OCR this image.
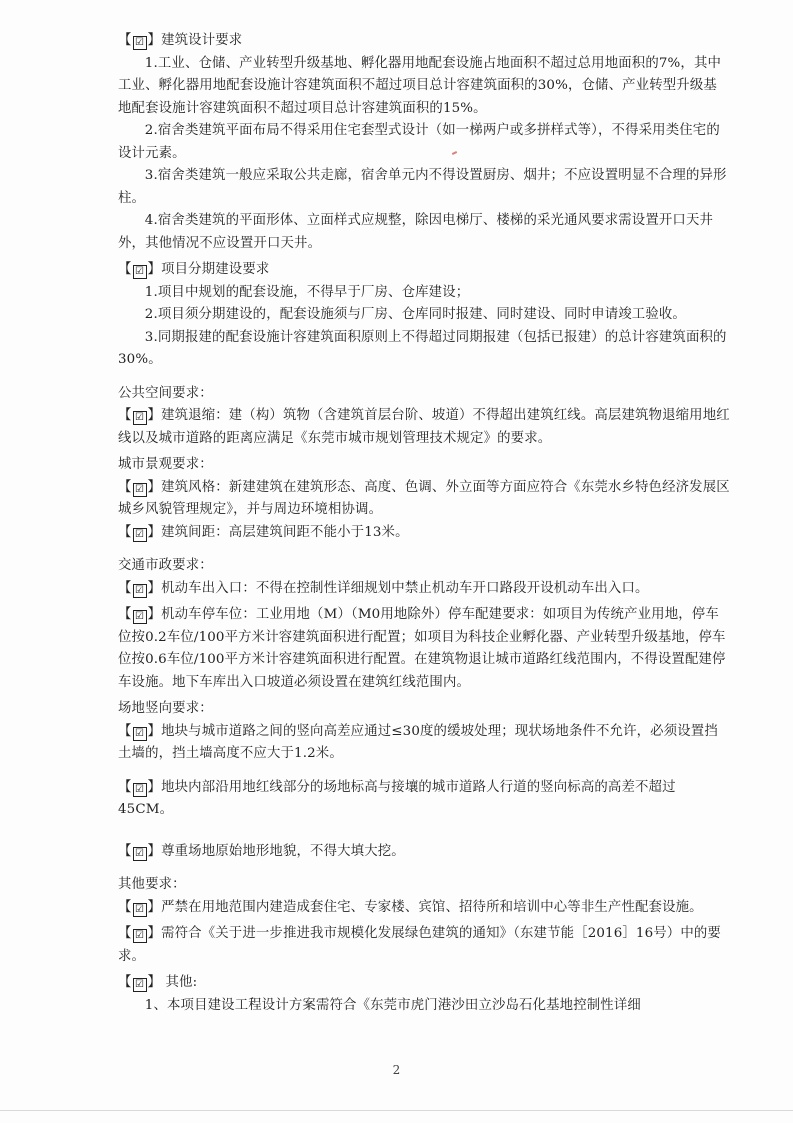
【 ☑ 】建筑设计要求

1.工业、仓储、产业转型升级基地、孵化器用地配套设施占地面积不超过总用地面积的7%，其中工业、孵化器用地配套设施计容建筑面积不超过项目总计容建筑面积的30%，仓储、产业转型升级基地配套设施计容建筑面积不超过项目总计容建筑面积的15%。

2.宿舍类建筑平面布局不得采用住宅套型式设计（如一梯两户或多拼样式等），不得采用类住宅的设计元素。

3.宿舍类建筑一般应采取公共走廊，宿舍单元内不得设置厨房、烟井；不应设置明显不合理的异形柱。

4.宿舍类建筑的平面形体、立面样式应规整，除因电梯厅、楼梯的采光通风要求需设置开口天井外，其他情况不应设置开口天井。

【 ☑ 】项目分期建设要求

1.项目中规划的配套设施，不得早于厂房、仓库建设；

2.项目须分期建设的，配套设施须与厂房、仓库同时报建、同时建设、同时申请竣工验收。

3.同期报建的配套设施计容建筑面积原则上不得超过同期报建（包括已报建）的总计容建筑面积的30%。

公共空间要求：

【 ☑ 】建筑退缩：建（构）筑物（含建筑首层台阶、坡道）不得超出建筑红线。高层建筑物退缩用地红线以及城市道路的距离应满足《东莞市城市规划管理技术规定》的要求。

城市景观要求：

【 ☑ 】建筑风格：新建建筑在建筑形态、高度、色调、外立面等方面应符合《东莞水乡特色经济发展区城乡风貌管理规定》，并与周边环境相协调。

【 ☑ 】建筑间距：高层建筑间距不能小于13米。

交通市政要求：

【 ☑ 】机动车出入口：不得在控制性详细规划中禁止机动车开口路段开设机动车出入口。

【 ☑ 】机动车停车位：工业用地（M）（M0用地除外）停车配建要求：如项目为传统产业用地，停车位按0.2车位/100平方米计容建筑面积进行配置；如项目为科技企业孵化器、产业转型升级基地，停车位按0.6车位/100平方米计容建筑面积进行配置。在建筑物退让城市道路红线范围内，不得设置配建停车设施。地下车库出入口坡道必须设置在建筑红线范围内。

场地竖向要求：

【 ☑ 】地块与城市道路之间的竖向高差应通过≤30度的缓坡处理；现状场地条件不允许，必须设置挡土墙的，挡土墙高度不应大于1.2米。

【 ☑ 】地块内部沿用地红线部分的场地标高与接壤的城市道路人行道的竖向标高的高差不超过45CM。

【 ☑ 】尊重场地原始地形地貌，不得大填大挖。

其他要求：

【 ☑ 】严禁在用地范围内建造成套住宅、专家楼、宾馆、招待所和培训中心等非生产性配套设施。

【 ☑ 】需符合《关于进一步推进我市规模化发展绿色建筑的通知》（东建节能［2016］16号）中的要求。

【 ☑ 】 其他:

1、本项目建设工程设计方案需符合《东莞市虎门港沙田立沙岛石化基地控制性详细

2
